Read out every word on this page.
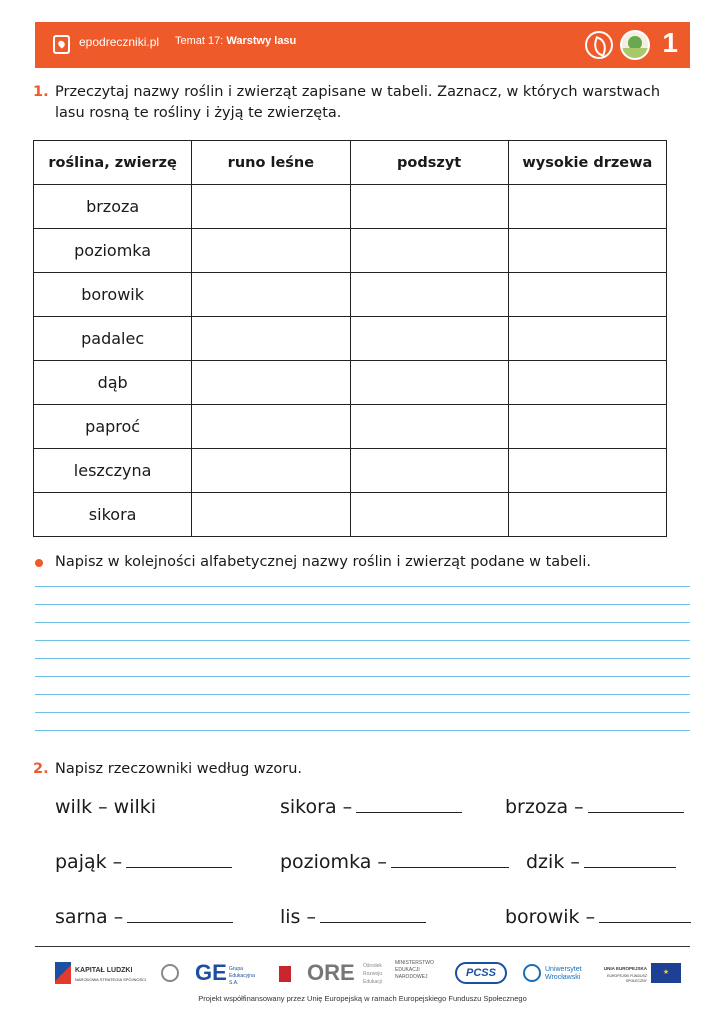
epodreczniki.pl Temat 17: Warstwy lasu	1
1. Przeczytaj nazwy roślin i zwierząt zapisane w tabeli. Zaznacz, w których warstwach lasu rosną te rośliny i żyją te zwierzęta.
roślina, zwierzę	runo leśne	podszyt	wysokie drzewa
brzoza			
poziomka			
borowik			
padalec			
dąb			
paproć			
leszczyna			
sikora			
Napisz w kolejności alfabetycznej nazwy roślin i zwierząt podane w tabeli.
2. Napisz rzeczowniki według wzoru.
wilk – wilki	sikora –	brzoza –
pająk –	poziomka –	dzik –
sarna –	lis –	borowik –
KAPITAŁ LUDZKI
NARODOWA STRATEGIA SPÓJNOŚCI GE Grupa Edukacyjna S.A.	ORE Ośrodek Rozwoju Edukacji
MINISTERSTWO EDUKACJI NARODOWEJ	PCSS	Uniwersytet Wrocławski
UNIA EUROPEJSKA
EUROPEJSKI FUNDUSZ SPOŁECZNY
★
Projekt współfinansowany przez Unię Europejską w ramach Europejskiego Funduszu Społecznego
